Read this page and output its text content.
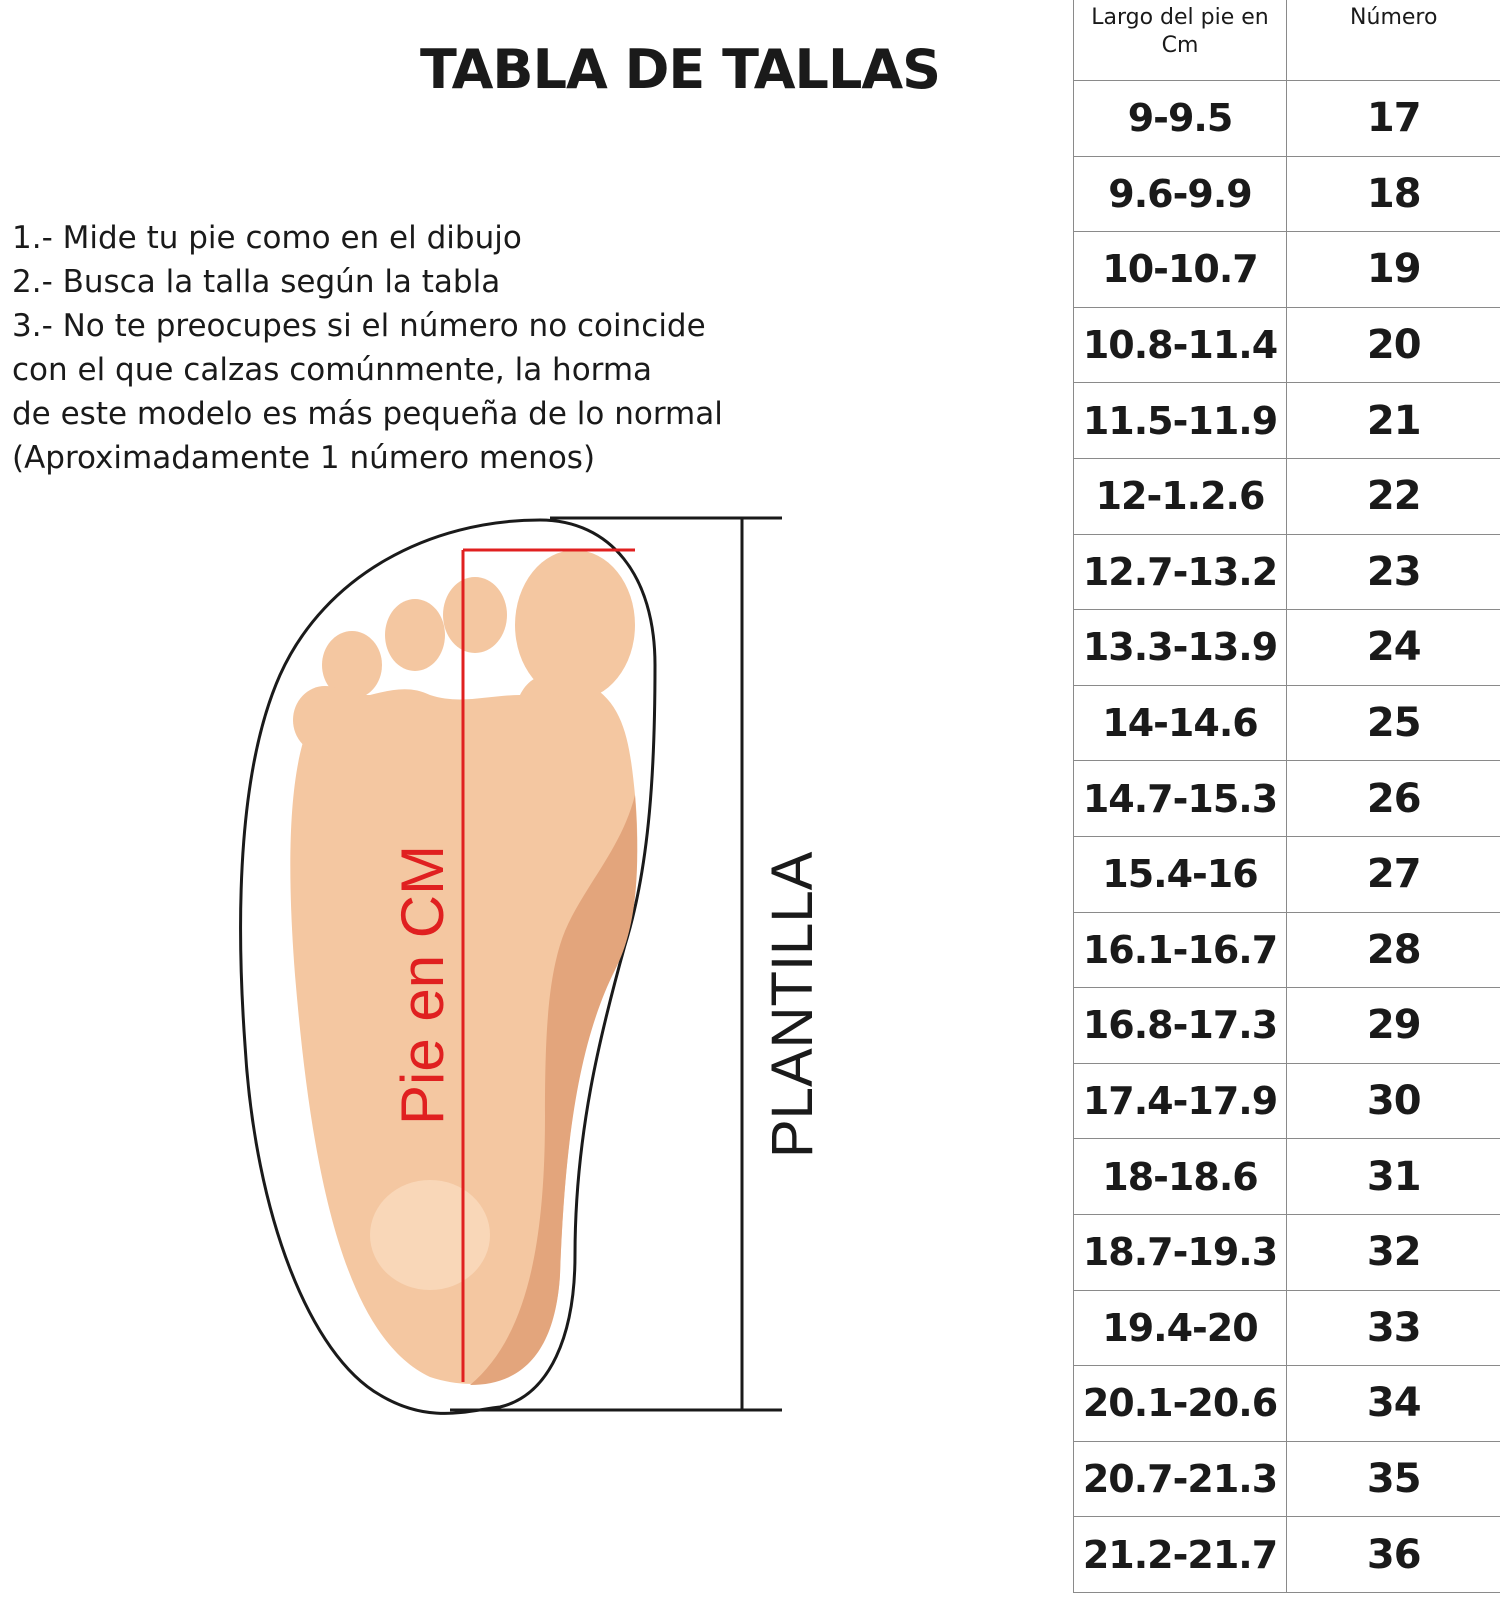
TABLA DE TALLAS
1.- Mide tu pie como en el dibujo
2.- Busca la talla según la tabla
3.- No te preocupes si el número no coincide
con el que calzas comúnmente, la horma
de este modelo es más pequeña de lo normal
(Aproximadamente 1 número menos)
Pie en CM	PLANTILLA
Largo del pie en Cm	Número
9-9.5	17
9.6-9.9	18
10-10.7	19
10.8-11.4	20
11.5-11.9	21
12-1.2.6	22
12.7-13.2	23
13.3-13.9	24
14-14.6	25
14.7-15.3	26
15.4-16	27
16.1-16.7	28
16.8-17.3	29
17.4-17.9	30
18-18.6	31
18.7-19.3	32
19.4-20	33
20.1-20.6	34
20.7-21.3	35
21.2-21.7	36
